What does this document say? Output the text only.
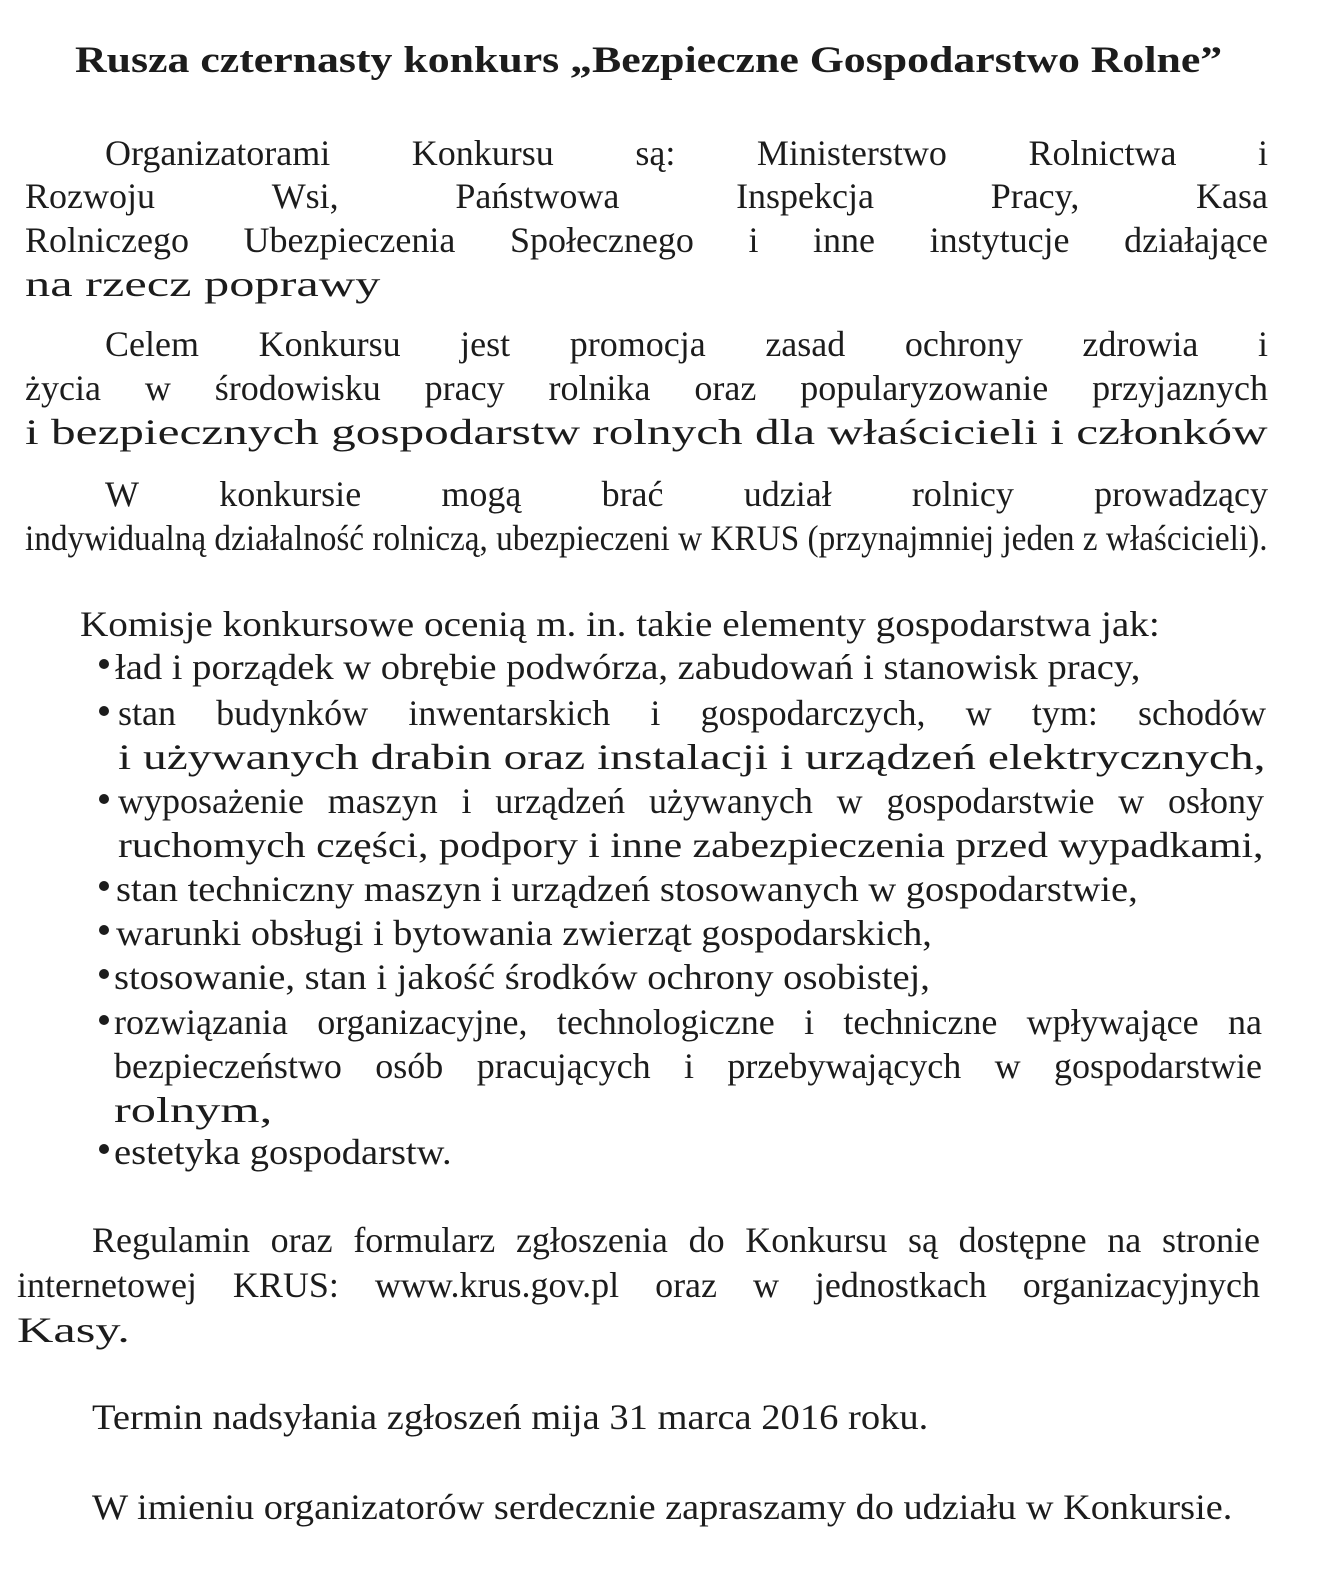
Rusza czternasty konkurs „Bezpieczne Gospodarstwo Rolne”
Organizatorami Konkursu są: Ministerstwo Rolnictwa i
Rozwoju	Wsi,	Państwowa	Inspekcja	Pracy,	Kasa
Rolniczego Ubezpieczenia Społecznego i inne instytucje działające
na rzecz poprawy
Celem Konkursu jest promocja zasad ochrony zdrowia i
życia w środowisku pracy rolnika oraz popularyzowanie przyjaznych
i bezpiecznych gospodarstw rolnych dla właścicieli i członków
W konkursie mogą brać udział rolnicy prowadzący
indywidualną działalność rolniczą, ubezpieczeni w KRUS (przynajmniej jeden z właścicieli).
Komisje konkursowe ocenią m. in. takie elementy gospodarstwa jak:
ład i porządek w obrębie podwórza, zabudowań i stanowisk pracy,
stan budynków inwentarskich i gospodarczych, w tym: schodów
i używanych drabin oraz instalacji i urządzeń elektrycznych,
wyposażenie maszyn i urządzeń używanych w gospodarstwie w osłony
ruchomych części, podpory i inne zabezpieczenia przed wypadkami,
stan techniczny maszyn i urządzeń stosowanych w gospodarstwie,
warunki obsługi i bytowania zwierząt gospodarskich,
stosowanie, stan i jakość środków ochrony osobistej,
rozwiązania organizacyjne, technologiczne i techniczne wpływające na
bezpieczeństwo osób pracujących i przebywających w gospodarstwie
rolnym,
estetyka gospodarstw.
Regulamin oraz formularz zgłoszenia do Konkursu są dostępne na stronie
internetowej KRUS: www.krus.gov.pl oraz w jednostkach organizacyjnych
Kasy.
Termin nadsyłania zgłoszeń mija 31 marca 2016 roku.
W imieniu organizatorów serdecznie zapraszamy do udziału w Konkursie.
